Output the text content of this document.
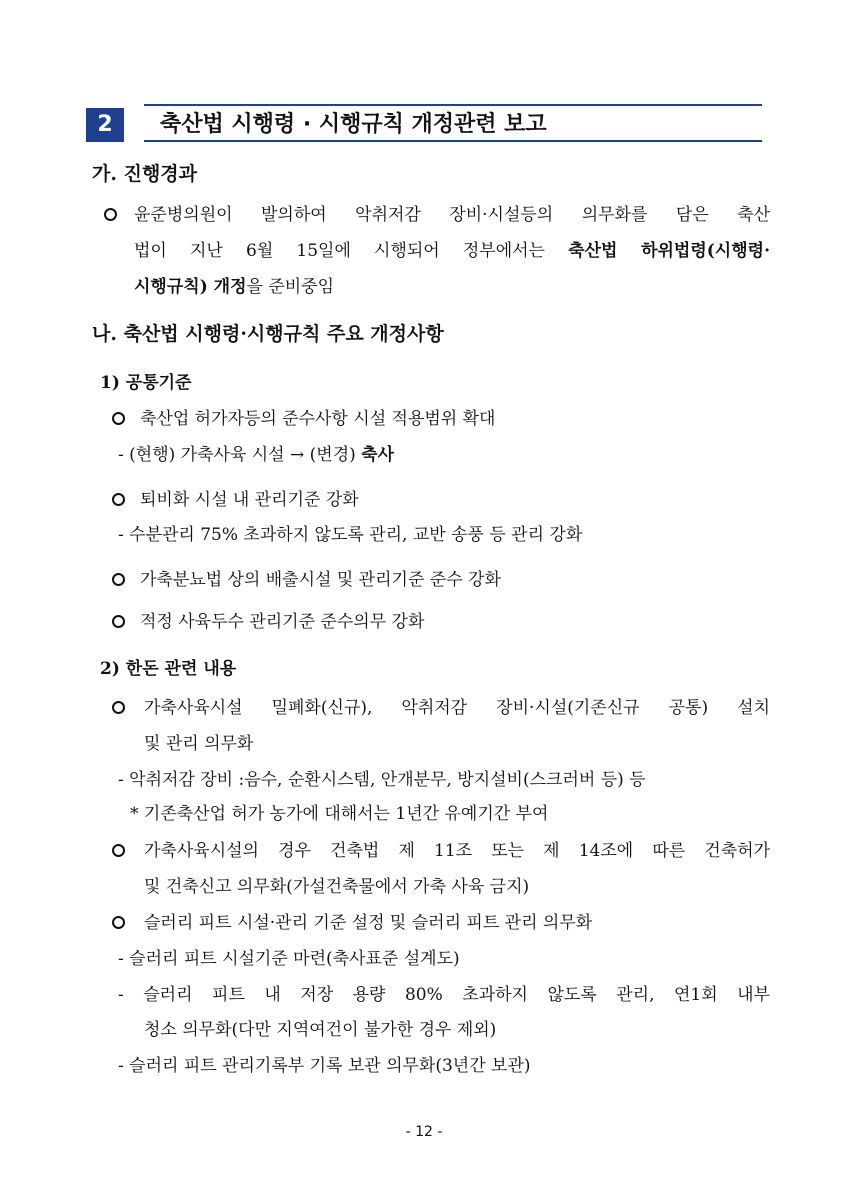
2	축산법 시행령 · 시행규칙 개정관련 보고
가. 진행경과
윤준병의원이 발의하여 악취저감 장비·시설등의 의무화를 담은 축산
법이 지난 6월 15일에 시행되어 정부에서는 축산법 하위법령(시행령·
시행규칙) 개정을 준비중임
나. 축산법 시행령·시행규칙 주요 개정사항
1) 공통기준
축산업 허가자등의 준수사항 시설 적용범위 확대
- (현행) 가축사육 시설 → (변경) 축사
퇴비화 시설 내 관리기준 강화
- 수분관리 75% 초과하지 않도록 관리, 교반 송풍 등 관리 강화
가축분뇨법 상의 배출시설 및 관리기준 준수 강화
적정 사육두수 관리기준 준수의무 강화
2) 한돈 관련 내용
가축사육시설 밀폐화(신규), 악취저감 장비·시설(기존신규 공통) 설치
및 관리 의무화
- 악취저감 장비 :음수, 순환시스템, 안개분무, 방지설비(스크러버 등) 등
* 기존축산업 허가 농가에 대해서는 1년간 유예기간 부여
가축사육시설의 경우 건축법 제 11조 또는 제 14조에 따른 건축허가
및 건축신고 의무화(가설건축물에서 가축 사육 금지)
슬러리 피트 시설·관리 기준 설정 및 슬러리 피트 관리 의무화
- 슬러리 피트 시설기준 마련(축사표준 설계도)
- 슬러리 피트 내 저장 용량 80% 초과하지 않도록 관리, 연1회 내부
청소 의무화(다만 지역여건이 불가한 경우 제외)
- 슬러리 피트 관리기록부 기록 보관 의무화(3년간 보관)
- 12 -
